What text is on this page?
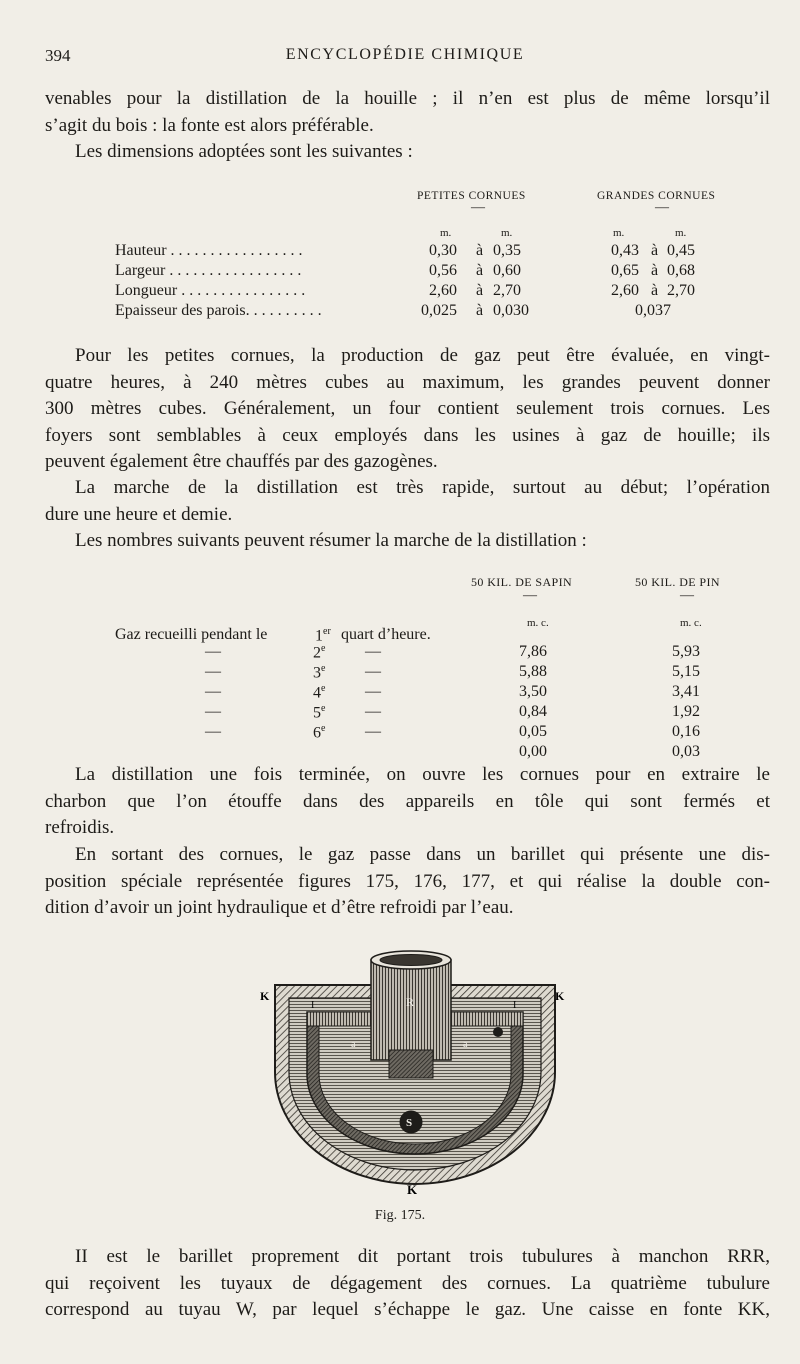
394	ENCYCLOPÉDIE CHIMIQUE

venables pour la distillation de la houille ; il n’en est plus de même lorsqu’il
s’agit du bois : la fonte est alors préférable.

Les dimensions adoptées sont les suivantes :

PETITES CORNUES	GRANDES CORNUES
—	—
m.	m.	m.	m.
Hauteur . . . . . . . . . . . . . . . . .	0,30 à 0,35	0,43 à 0,45
Largeur . . . . . . . . . . . . . . . . .	0,56 à 0,60	0,65 à 0,68
Longueur . . . . . . . . . . . . . . . .	2,60 à 2,70	2,60 à 2,70
Epaisseur des parois. . . . . . . . . .	0,025 à 0,030	0,037

Pour les petites cornues, la production de gaz peut être évaluée, en vingt-
quatre heures, à 240 mètres cubes au maximum, les grandes peuvent donner
300 mètres cubes. Généralement, un four contient seulement trois cornues. Les
foyers sont semblables à ceux employés dans les usines à gaz de houille; ils
peuvent également être chauffés par des gazogènes.

La marche de la distillation est très rapide, surtout au début; l’opération
dure une heure et demie.

Les nombres suivants peuvent résumer la marche de la distillation :

50 KIL. DE SAPIN	50 KIL. DE PIN
—	—
m. c.	m. c.
Gaz recueilli pendant le	1er quart d’heure.
—	2e —	7,86	5,93
—	3e —	5,88	5,15
—	4e —	3,50	3,41
—	5e —	0,84	1,92
—	6e —	0,05	0,16
0,00	0,03

La distillation une fois terminée, on ouvre les cornues pour en extraire le
charbon que l’on étouffe dans des appareils en tôle qui sont fermés et
refroidis.

En sortant des cornues, le gaz passe dans un barillet qui présente une dis-
position spéciale représentée figures 175, 176, 177, et qui réalise la double con-
dition d’avoir un joint hydraulique et d’être refroidi par l’eau.

K	K
K
R
S
a	a
I	I
Fig. 175.

II est le barillet proprement dit portant trois tubulures à manchon RRR,
qui reçoivent les tuyaux de dégagement des cornues. La quatrième tubulure
correspond au tuyau W, par lequel s’échappe le gaz. Une caisse en fonte KK,
